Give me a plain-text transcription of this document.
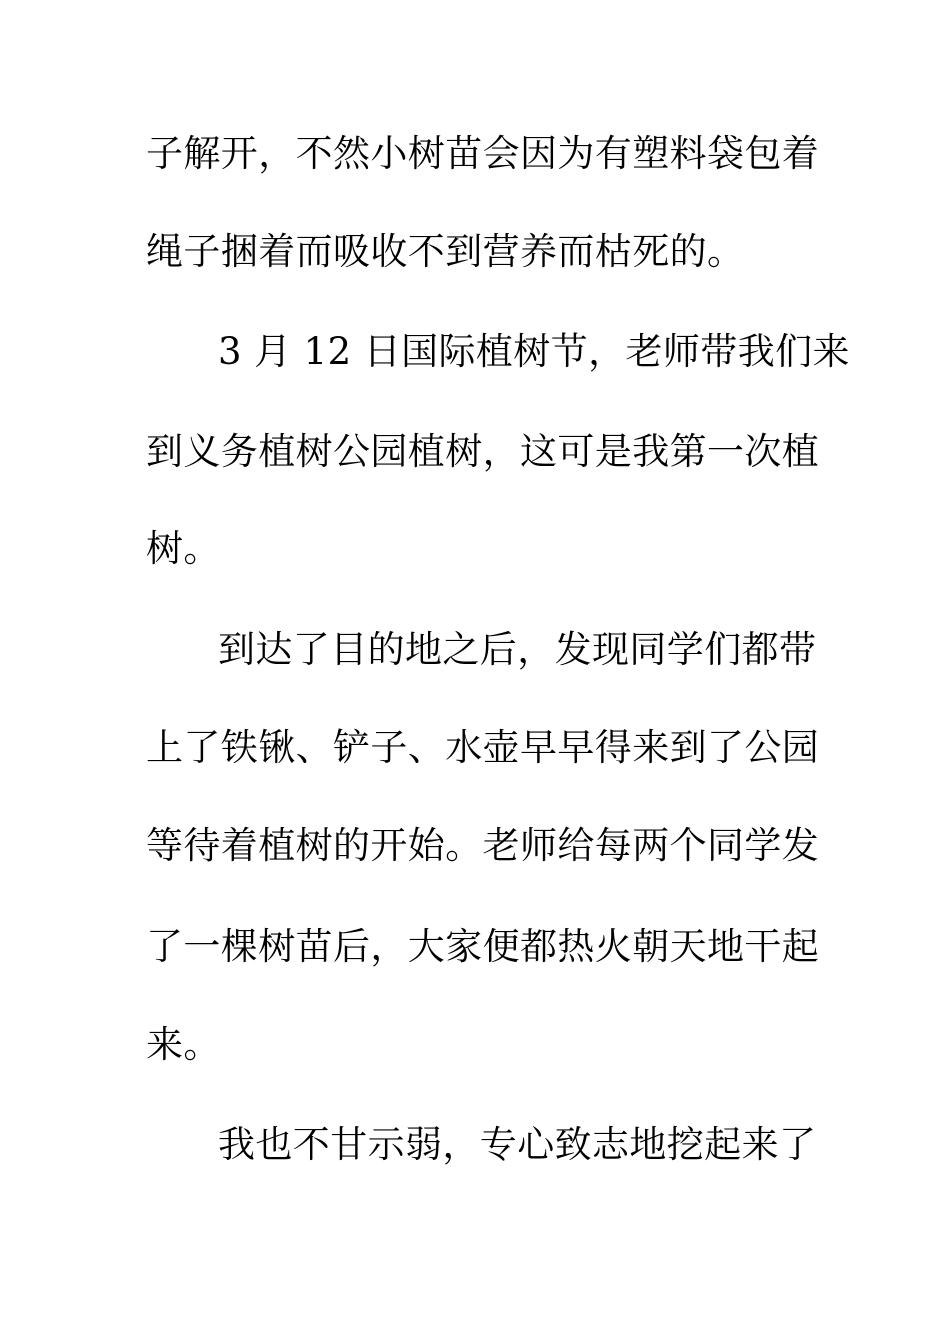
子解开，不然小树苗会因为有塑料袋包着
绳子捆着而吸收不到营养而枯死的。
3 月 12 日国际植树节，老师带我们来
到义务植树公园植树，这可是我第一次植
树。
到达了目的地之后，发现同学们都带
上了铁锹、铲子、水壶早早得来到了公园
等待着植树的开始。老师给每两个同学发
了一棵树苗后，大家便都热火朝天地干起
来。
我也不甘示弱，专心致志地挖起来了
